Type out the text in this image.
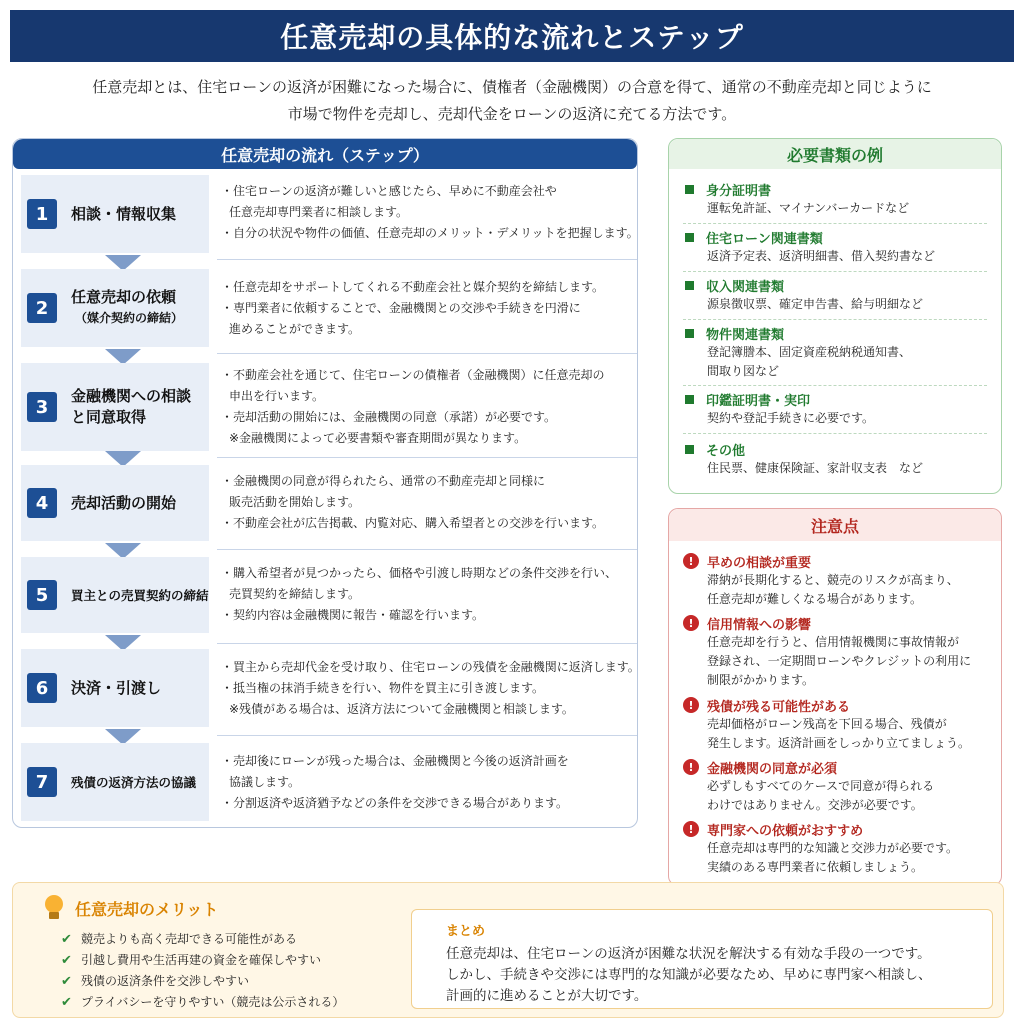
任意売却の具体的な流れとステップ
任意売却とは、住宅ローンの返済が困難になった場合に、債権者（金融機関）の合意を得て、通常の不動産売却と同じように
市場で物件を売却し、売却代金をローンの返済に充てる方法です。
任意売却の流れ（ステップ）
1	相談・情報収集
・住宅ローンの返済が難しいと感じたら、早めに不動産会社や
任意売却専門業者に相談します。
・自分の状況や物件の価値、任意売却のメリット・デメリットを把握します。
2
任意売却の依頼
（媒介契約の締結）
・任意売却をサポートしてくれる不動産会社と媒介契約を締結します。
・専門業者に依頼することで、金融機関との交渉や手続きを円滑に
進めることができます。
3
金融機関への相談と同意取得
・不動産会社を通じて、住宅ローンの債権者（金融機関）に任意売却の
申出を行います。
・売却活動の開始には、金融機関の同意（承諾）が必要です。
※金融機関によって必要書類や審査期間が異なります。
4	売却活動の開始
・金融機関の同意が得られたら、通常の不動産売却と同様に
販売活動を開始します。
・不動産会社が広告掲載、内覧対応、購入希望者との交渉を行います。
5	買主との売買契約の締結
・購入希望者が見つかったら、価格や引渡し時期などの条件交渉を行い、
売買契約を締結します。
・契約内容は金融機関に報告・確認を行います。
6	決済・引渡し
・買主から売却代金を受け取り、住宅ローンの残債を金融機関に返済します。
・抵当権の抹消手続きを行い、物件を買主に引き渡します。
※残債がある場合は、返済方法について金融機関と相談します。
7	残債の返済方法の協議
・売却後にローンが残った場合は、金融機関と今後の返済計画を
協議します。
・分割返済や返済猶予などの条件を交渉できる場合があります。
必要書類の例
身分証明書
運転免許証、マイナンバーカードなど
住宅ローン関連書類
返済予定表、返済明細書、借入契約書など
収入関連書類
源泉徴収票、確定申告書、給与明細など
物件関連書類
登記簿謄本、固定資産税納税通知書、
間取り図など
印鑑証明書・実印
契約や登記手続きに必要です。
その他
住民票、健康保険証、家計収支表　など
注意点
!	早めの相談が重要
滞納が長期化すると、競売のリスクが高まり、
任意売却が難しくなる場合があります。
!	信用情報への影響
任意売却を行うと、信用情報機関に事故情報が
登録され、一定期間ローンやクレジットの利用に
制限がかかります。
!	残債が残る可能性がある
売却価格がローン残高を下回る場合、残債が
発生します。返済計画をしっかり立てましょう。
!	金融機関の同意が必須
必ずしもすべてのケースで同意が得られる
わけではありません。交渉が必要です。
!	専門家への依頼がおすすめ
任意売却は専門的な知識と交渉力が必要です。
実績のある専門業者に依頼しましょう。
任意売却のメリット
✔ 競売よりも高く売却できる可能性がある
✔ 引越し費用や生活再建の資金を確保しやすい
✔ 残債の返済条件を交渉しやすい
✔ プライバシーを守りやすい（競売は公示される）
まとめ
任意売却は、住宅ローンの返済が困難な状況を解決する有効な手段の一つです。
しかし、手続きや交渉には専門的な知識が必要なため、早めに専門家へ相談し、
計画的に進めることが大切です。
